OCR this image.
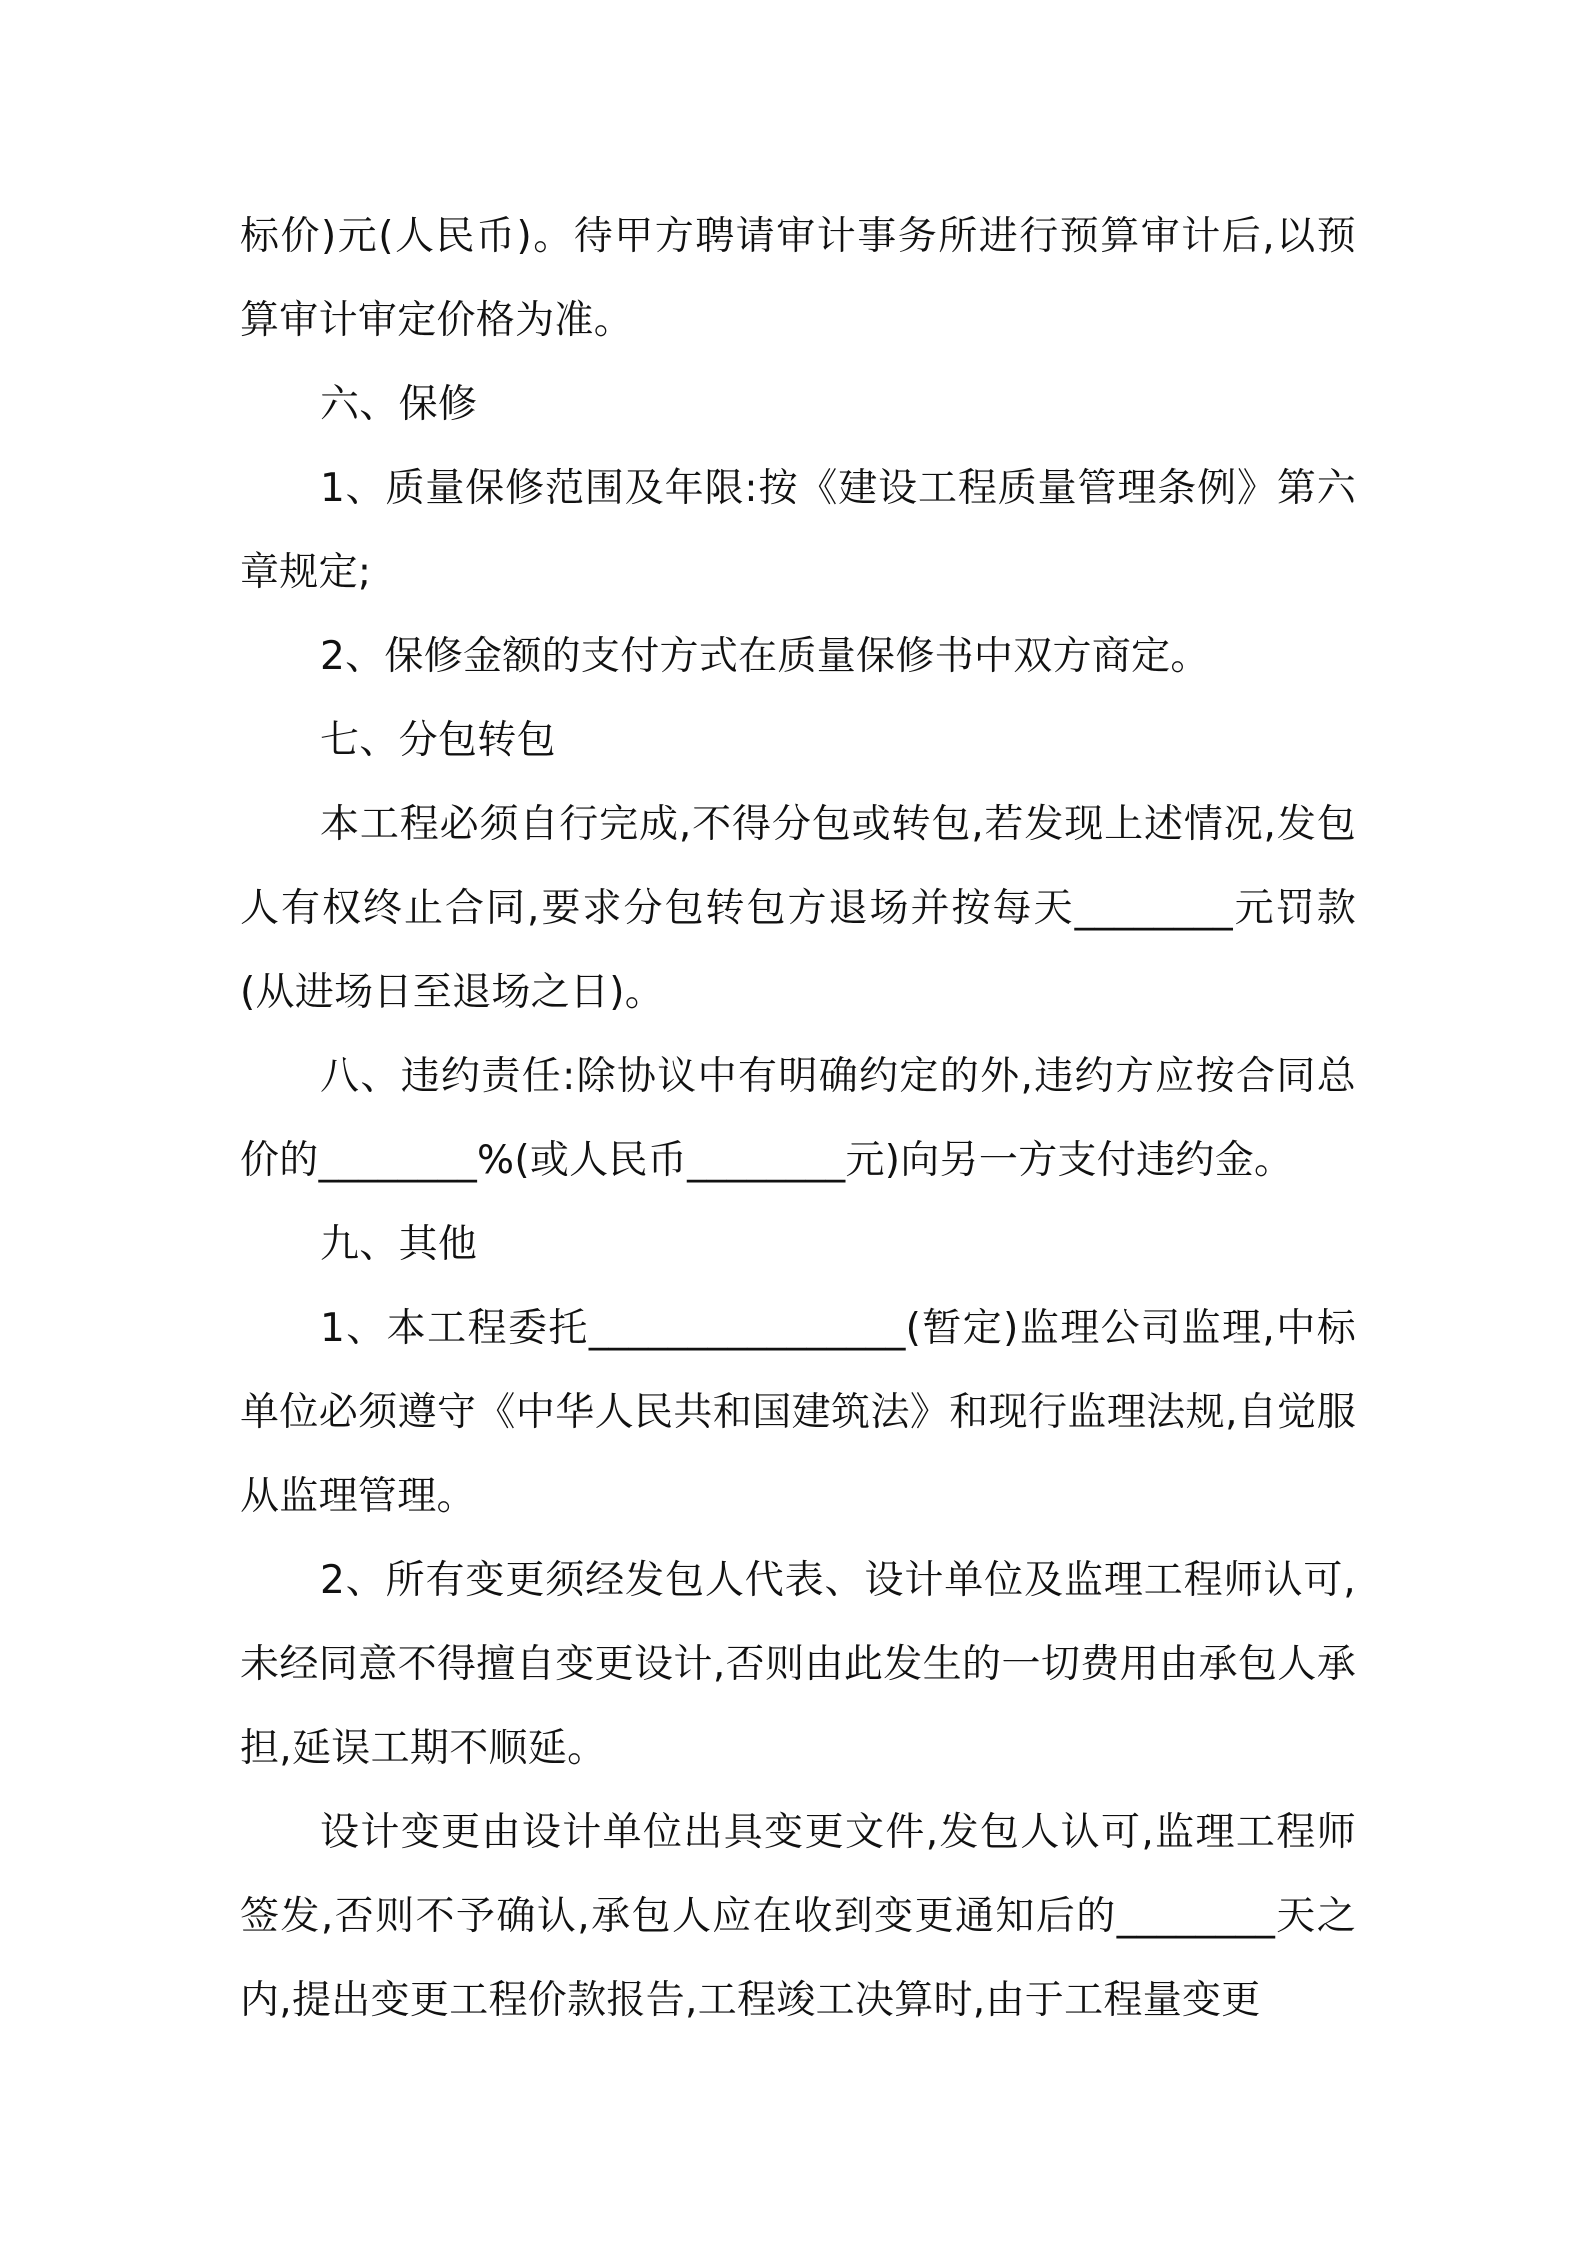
标价)元(人民币)。待甲方聘请审计事务所进行预算审计后,以预算审计审定价格为准。

六、保修

1、质量保修范围及年限:按《建设工程质量管理条例》第六章规定;

2、保修金额的支付方式在质量保修书中双方商定。

七、分包转包

本工程必须自行完成,不得分包或转包,若发现上述情况,发包人有权终止合同,要求分包转包方退场并按每天________元罚款(从进场日至退场之日)。

八、违约责任:除协议中有明确约定的外,违约方应按合同总价的________%(或人民币________元)向另一方支付违约金。

九、其他

1、本工程委托________________(暂定)监理公司监理,中标单位必须遵守《中华人民共和国建筑法》和现行监理法规,自觉服从监理管理。

2、所有变更须经发包人代表、设计单位及监理工程师认可,未经同意不得擅自变更设计,否则由此发生的一切费用由承包人承担,延误工期不顺延。

设计变更由设计单位出具变更文件,发包人认可,监理工程师签发,否则不予确认,承包人应在收到变更通知后的________天之内,提出变更工程价款报告,工程竣工决算时,由于工程量变更
